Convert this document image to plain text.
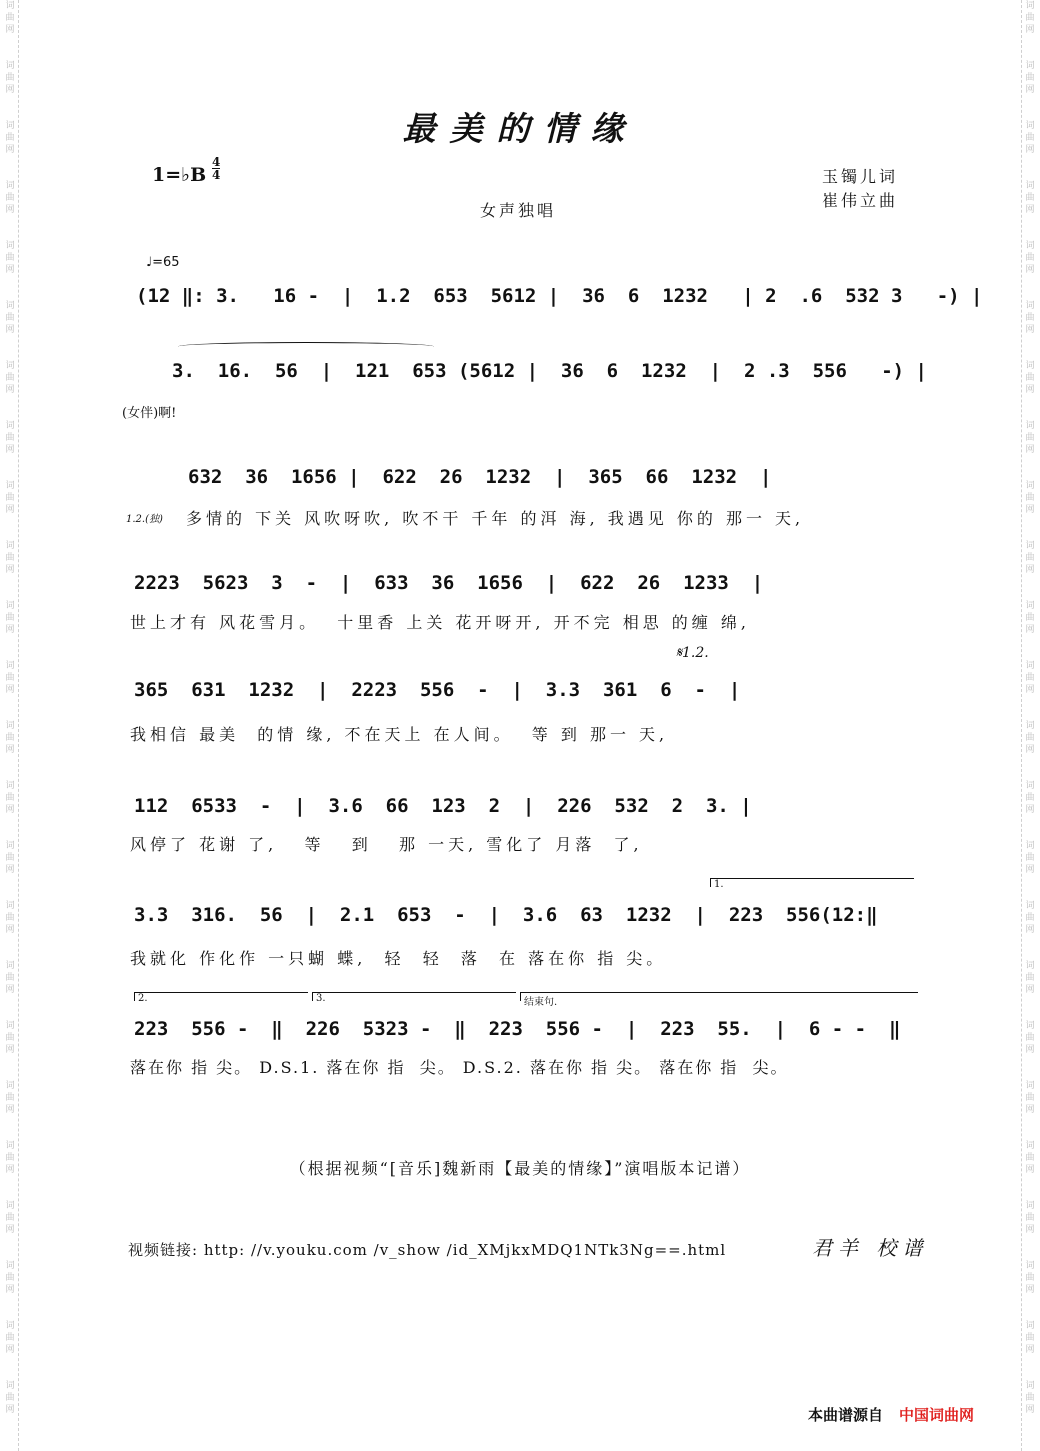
词
曲
网
词
曲
网
词
曲
网
词
曲
网
词
曲
网
词
曲
网
词
曲
网
词
曲
网
词
曲
网
词
曲
网
词
曲
网
词
曲
网
词
曲
网
词
曲
网
词
曲
网
词
曲
网
词
曲
网
词
曲
网
词
曲
网
词
曲
网
词
曲
网
词
曲
网
词
曲
网
词
曲
网
词
曲
网
词
曲
网
词
曲
网
词
曲
网
词
曲
网
词
曲
网
词
曲
网
词
曲
网
词
曲
网
词
曲
网
词
曲
网
词
曲
网
词
曲
网
词
曲
网
词
曲
网
词
曲
网
词
曲
网
词
曲
网
词
曲
网
词
曲
网
词
曲
网
词
曲
网
词
曲
网
词
曲
网
最美的情缘
1=♭B
4
4	玉镯儿词
崔伟立曲
女声独唱
♩=65
(12 ‖: 3.   16 -  |  1.2  653  5612 |  36  6  1232   | 2  .6  532 3   -) |
3.  16.  56  |  121  653 (5612 |  36  6  1232  |  2 .3  556   -) |
(女伴)啊!
632  36  1656 |  622  26  1232  |  365  66  1232  |
1.2.(独) 多情的 下关 风吹呀吹, 吹不干 千年 的洱 海, 我遇见 你的 那一 天,
2223  5623  3  -  |  633  36  1656  |  622  26  1233  |
世上才有 风花雪月。  十里香 上关 花开呀开, 开不完 相思 的缠 绵,
𝄋1.2.
365  631  1232  |  2223  556  -  |  3.3  361  6  -  |
我相信 最美  的情 缘, 不在天上 在人间。  等 到 那一 天,
112  6533  -  |  3.6  66  123  2  |  226  532  2  3. |
风停了 花谢 了,   等   到   那 一天, 雪化了 月落  了,
1.
3.3  316.  56  |  2.1  653  -  |  3.6  63  1232  |  223  556(12:‖
我就化 作化作 一只蝴 蝶,  轻  轻  落  在 落在你 指 尖。
2.	3.	结束句.
223  556 -  ‖  226  5323 -  ‖  223  556 -  |  223  55.  |  6 - -  ‖
落在你 指 尖。 D.S.1. 落在你 指  尖。 D.S.2. 落在你 指 尖。 落在你 指  尖。
（根据视频“[音乐]魏新雨【最美的情缘】”演唱版本记谱）
视频链接: http: //v.youku.com /v_show /id_XMjkxMDQ1NTk3Ng==.html	君羊 校谱
本曲谱源自 中国词曲网
